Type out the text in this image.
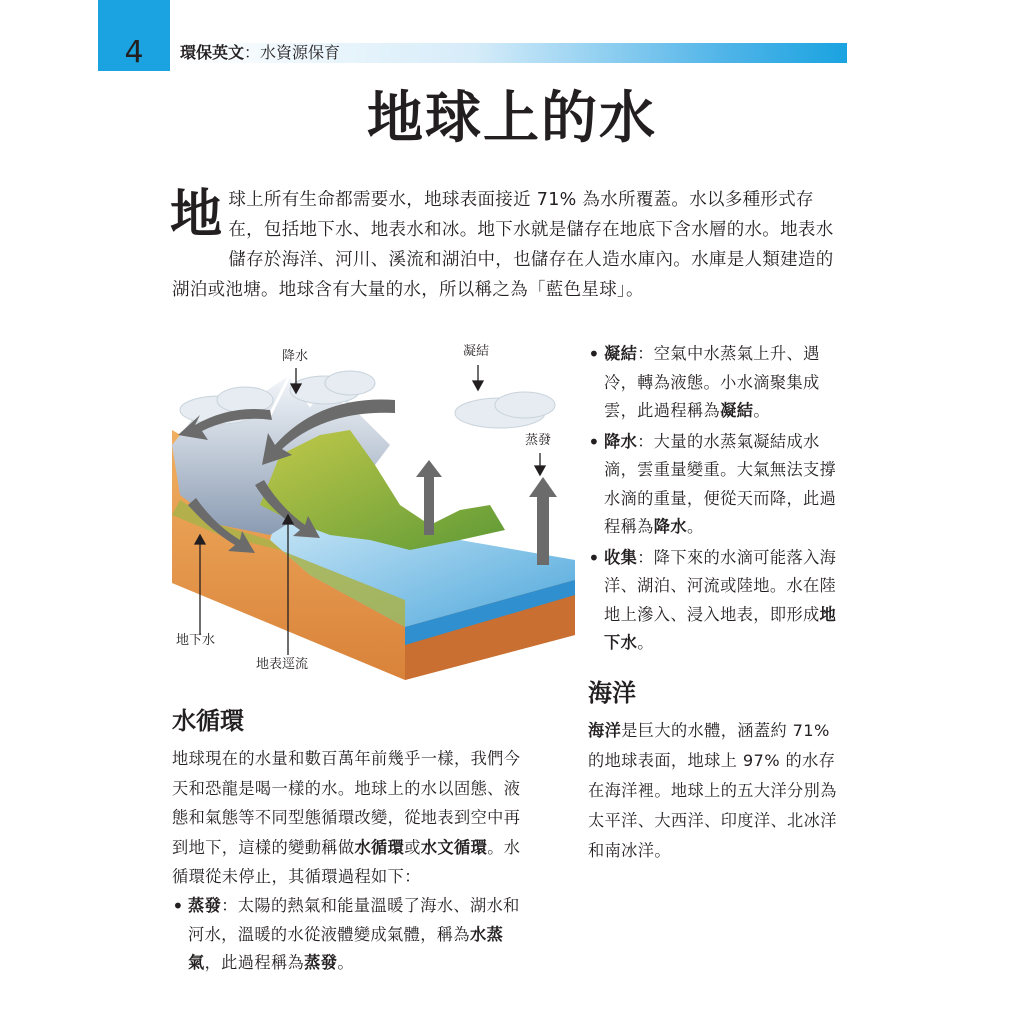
4	環保英文：水資源保育
地球上的水

地球上所有生命都需要水，地球表面接近 71% 為水所覆蓋。水以多種形式存在，包括地下水、地表水和冰。地下水就是儲存在地底下含水層的水。地表水儲存於海洋、河川、溪流和湖泊中，也儲存在人造水庫內。水庫是人類建造的湖泊或池塘。地球含有大量的水，所以稱之為「藍色星球」。

降水	凝結
蒸發
地下水
地表逕流
• 凝結：空氣中水蒸氣上升、遇冷，轉為液態。小水滴聚集成雲，此過程稱為凝結。
• 降水：大量的水蒸氣凝結成水滴，雲重量變重。大氣無法支撐水滴的重量，便從天而降，此過程稱為降水。
• 收集：降下來的水滴可能落入海洋、湖泊、河流或陸地。水在陸地上滲入、浸入地表，即形成地下水。
海洋

海洋是巨大的水體，涵蓋約 71% 的地球表面，地球上 97% 的水存在海洋裡。地球上的五大洋分別為太平洋、大西洋、印度洋、北冰洋和南冰洋。

水循環

地球現在的水量和數百萬年前幾乎一樣，我們今天和恐龍是喝一樣的水。地球上的水以固態、液態和氣態等不同型態循環改變，從地表到空中再到地下，這樣的變動稱做水循環或水文循環。水循環從未停止，其循環過程如下：

• 蒸發：太陽的熱氣和能量溫暖了海水、湖水和河水，溫暖的水從液體變成氣體，稱為水蒸氣，此過程稱為蒸發。
